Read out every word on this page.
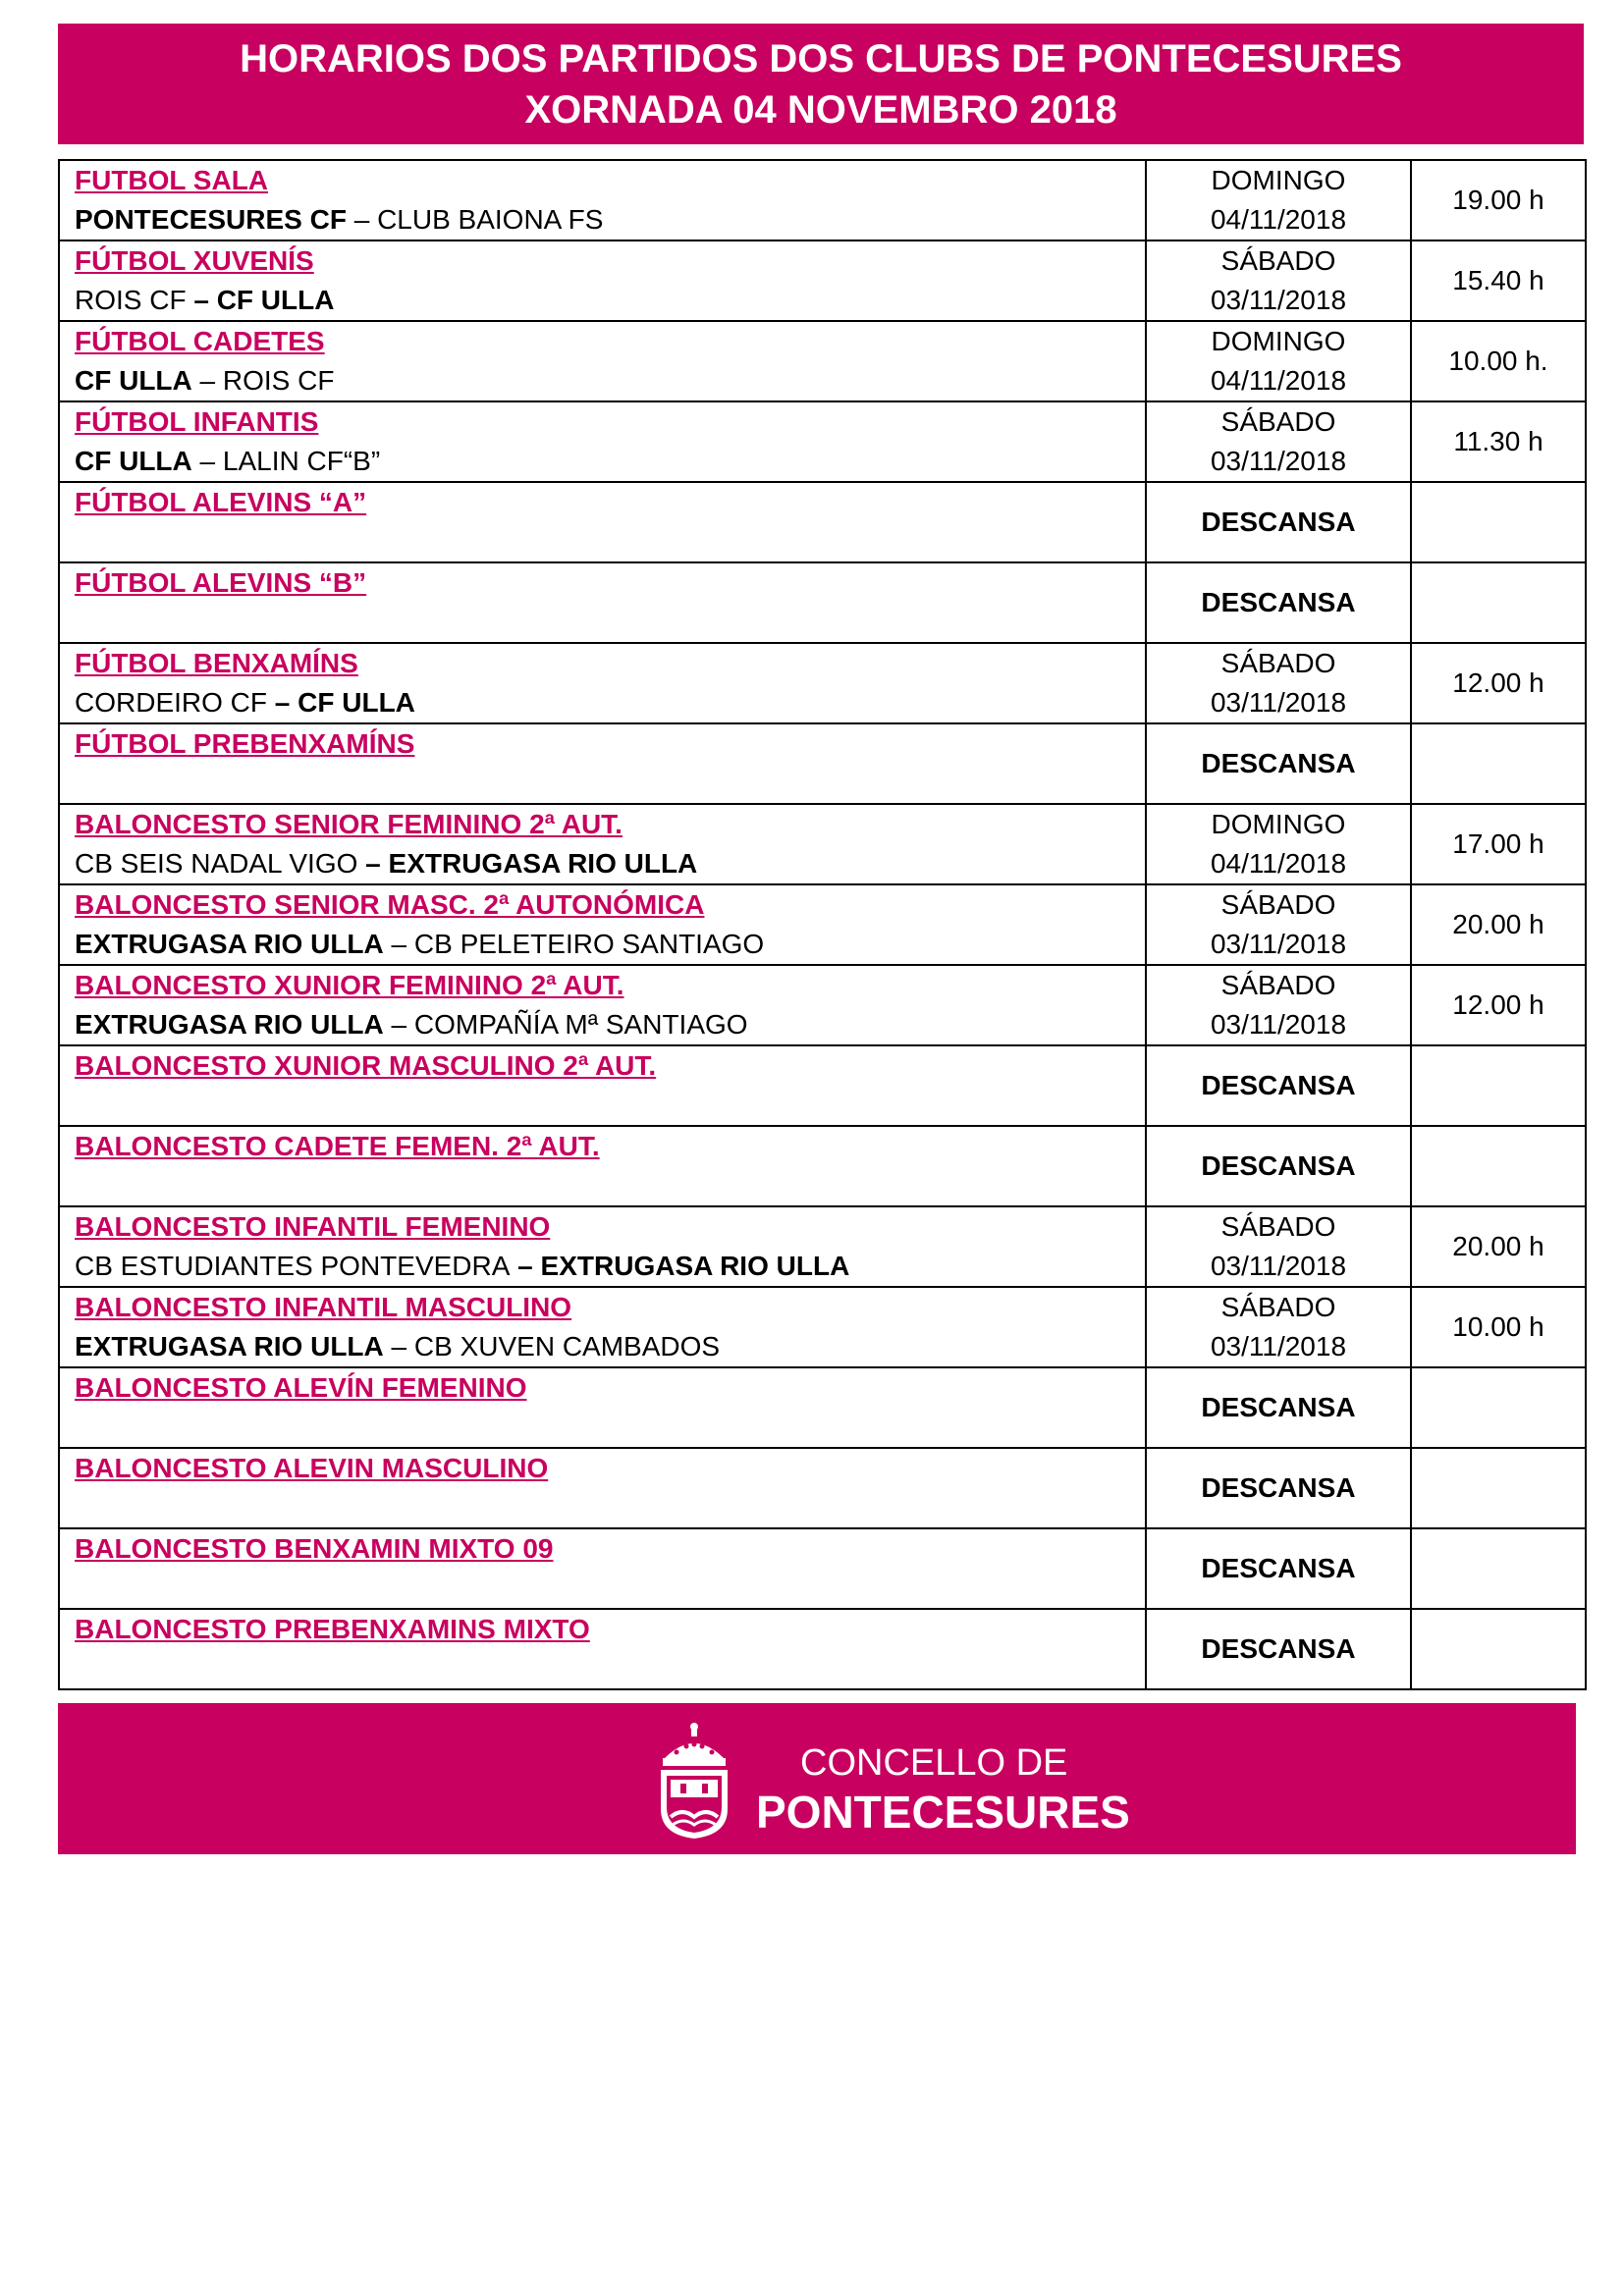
HORARIOS DOS PARTIDOS DOS CLUBS DE PONTECESURES
XORNADA 04 NOVEMBRO 2018
FUTBOL SALA
PONTECESURES CF – CLUB BAIONA FS	DOMINGO
04/11/2018	19.00 h

FÚTBOL XUVENÍS
ROIS CF – CF ULLA	SÁBADO
03/11/2018	15.40 h

FÚTBOL CADETES
CF ULLA – ROIS CF	DOMINGO
04/11/2018	10.00 h.

FÚTBOL INFANTIS
CF ULLA – LALIN CF“B”	SÁBADO
03/11/2018	11.30 h

FÚTBOL ALEVINS “A”	DESCANSA	

FÚTBOL ALEVINS “B”	DESCANSA	

FÚTBOL BENXAMÍNS
CORDEIRO CF – CF ULLA	SÁBADO
03/11/2018	12.00 h

FÚTBOL PREBENXAMÍNS	DESCANSA	

BALONCESTO SENIOR FEMININO 2ª AUT.
CB SEIS NADAL VIGO – EXTRUGASA RIO ULLA	DOMINGO
04/11/2018	17.00 h

BALONCESTO SENIOR MASC. 2ª AUTONÓMICA
EXTRUGASA RIO ULLA – CB PELETEIRO SANTIAGO	SÁBADO
03/11/2018	20.00 h

BALONCESTO XUNIOR FEMININO 2ª AUT.
EXTRUGASA RIO ULLA – COMPAÑÍA Mª SANTIAGO	SÁBADO
03/11/2018	12.00 h

BALONCESTO XUNIOR MASCULINO 2ª AUT.	DESCANSA	

BALONCESTO CADETE FEMEN. 2ª AUT.	DESCANSA	

BALONCESTO INFANTIL FEMENINO
CB ESTUDIANTES PONTEVEDRA – EXTRUGASA RIO ULLA	SÁBADO
03/11/2018	20.00 h

BALONCESTO INFANTIL MASCULINO
EXTRUGASA RIO ULLA – CB XUVEN CAMBADOS	SÁBADO
03/11/2018	10.00 h

BALONCESTO ALEVÍN FEMENINO	DESCANSA	

BALONCESTO ALEVIN MASCULINO	DESCANSA	

BALONCESTO BENXAMIN MIXTO 09	DESCANSA	

BALONCESTO PREBENXAMINS MIXTO	DESCANSA	

CONCELLO DE
PONTECESURES
